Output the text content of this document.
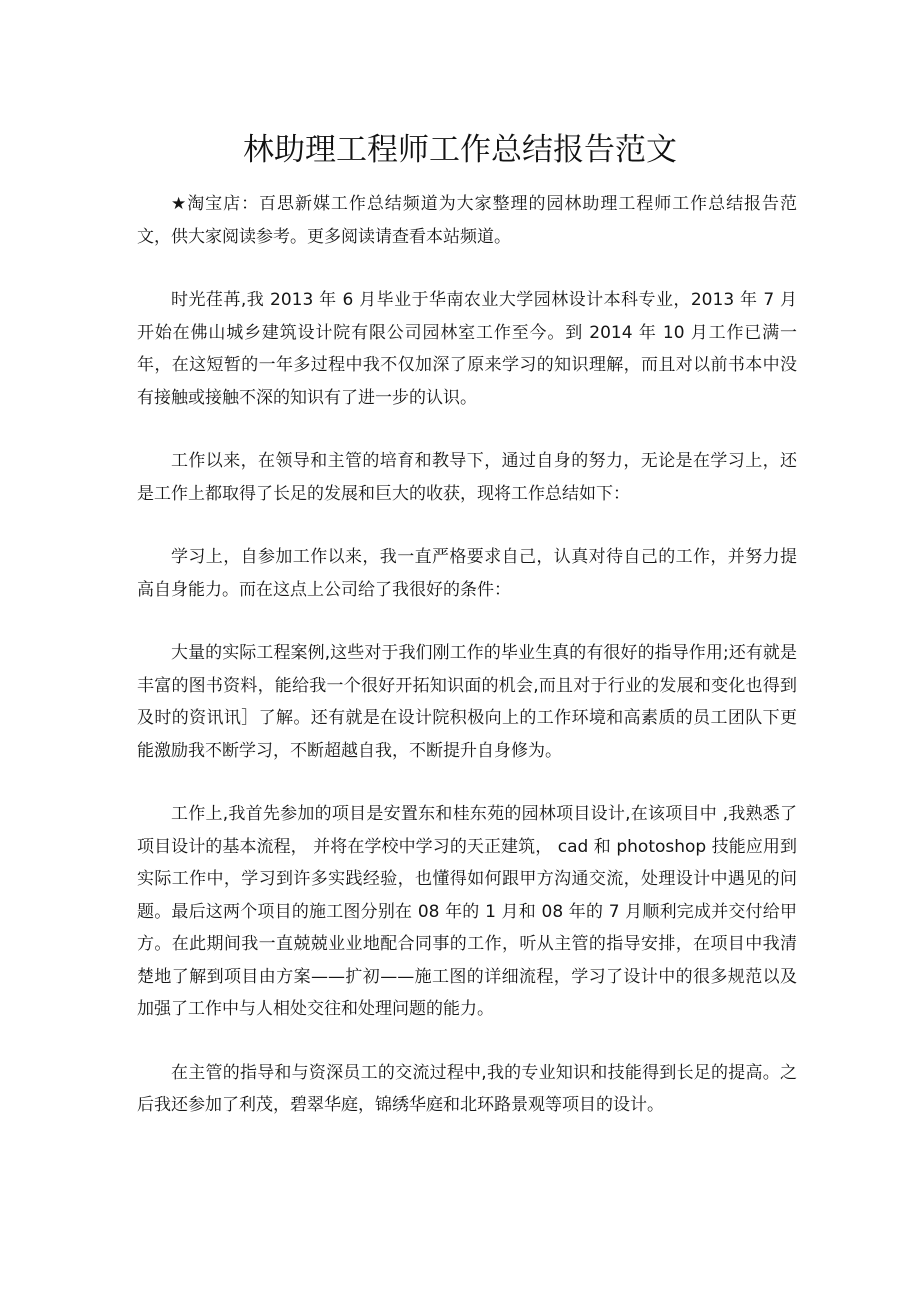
林助理工程师工作总结报告范文

★淘宝店：百思新媒工作总结频道为大家整理的园林助理工程师工作总结报告范文，供大家阅读参考。更多阅读请查看本站频道。

时光荏苒,我 2013 年 6 月毕业于华南农业大学园林设计本科专业，2013 年 7 月开始在佛山城乡建筑设计院有限公司园林室工作至今。到 2014 年 10 月工作已满一年，在这短暂的一年多过程中我不仅加深了原来学习的知识理解，而且对以前书本中没有接触或接触不深的知识有了进一步的认识。

工作以来，在领导和主管的培育和教导下，通过自身的努力，无论是在学习上，还是工作上都取得了长足的发展和巨大的收获，现将工作总结如下：

学习上，自参加工作以来，我一直严格要求自己，认真对待自己的工作，并努力提高自身能力。而在这点上公司给了我很好的条件：

大量的实际工程案例,这些对于我们刚工作的毕业生真的有很好的指导作用;还有就是丰富的图书资料，能给我一个很好开拓知识面的机会,而且对于行业的发展和变化也得到及时的资讯讯］了解。还有就是在设计院积极向上的工作环境和高素质的员工团队下更能激励我不断学习，不断超越自我，不断提升自身修为。

工作上,我首先参加的项目是安置东和桂东苑的园林项目设计,在该项目中 ,我熟悉了项目设计的基本流程， 并将在学校中学习的天正建筑， cad 和 photoshop 技能应用到实际工作中，学习到许多实践经验，也懂得如何跟甲方沟通交流，处理设计中遇见的问题。最后这两个项目的施工图分别在 08 年的 1 月和 08 年的 7 月顺利完成并交付给甲方。在此期间我一直兢兢业业地配合同事的工作，听从主管的指导安排，在项目中我清楚地了解到项目由方案——扩初——施工图的详细流程，学习了设计中的很多规范以及加强了工作中与人相处交往和处理问题的能力。

在主管的指导和与资深员工的交流过程中,我的专业知识和技能得到长足的提高。之后我还参加了利茂，碧翠华庭，锦绣华庭和北环路景观等项目的设计。
